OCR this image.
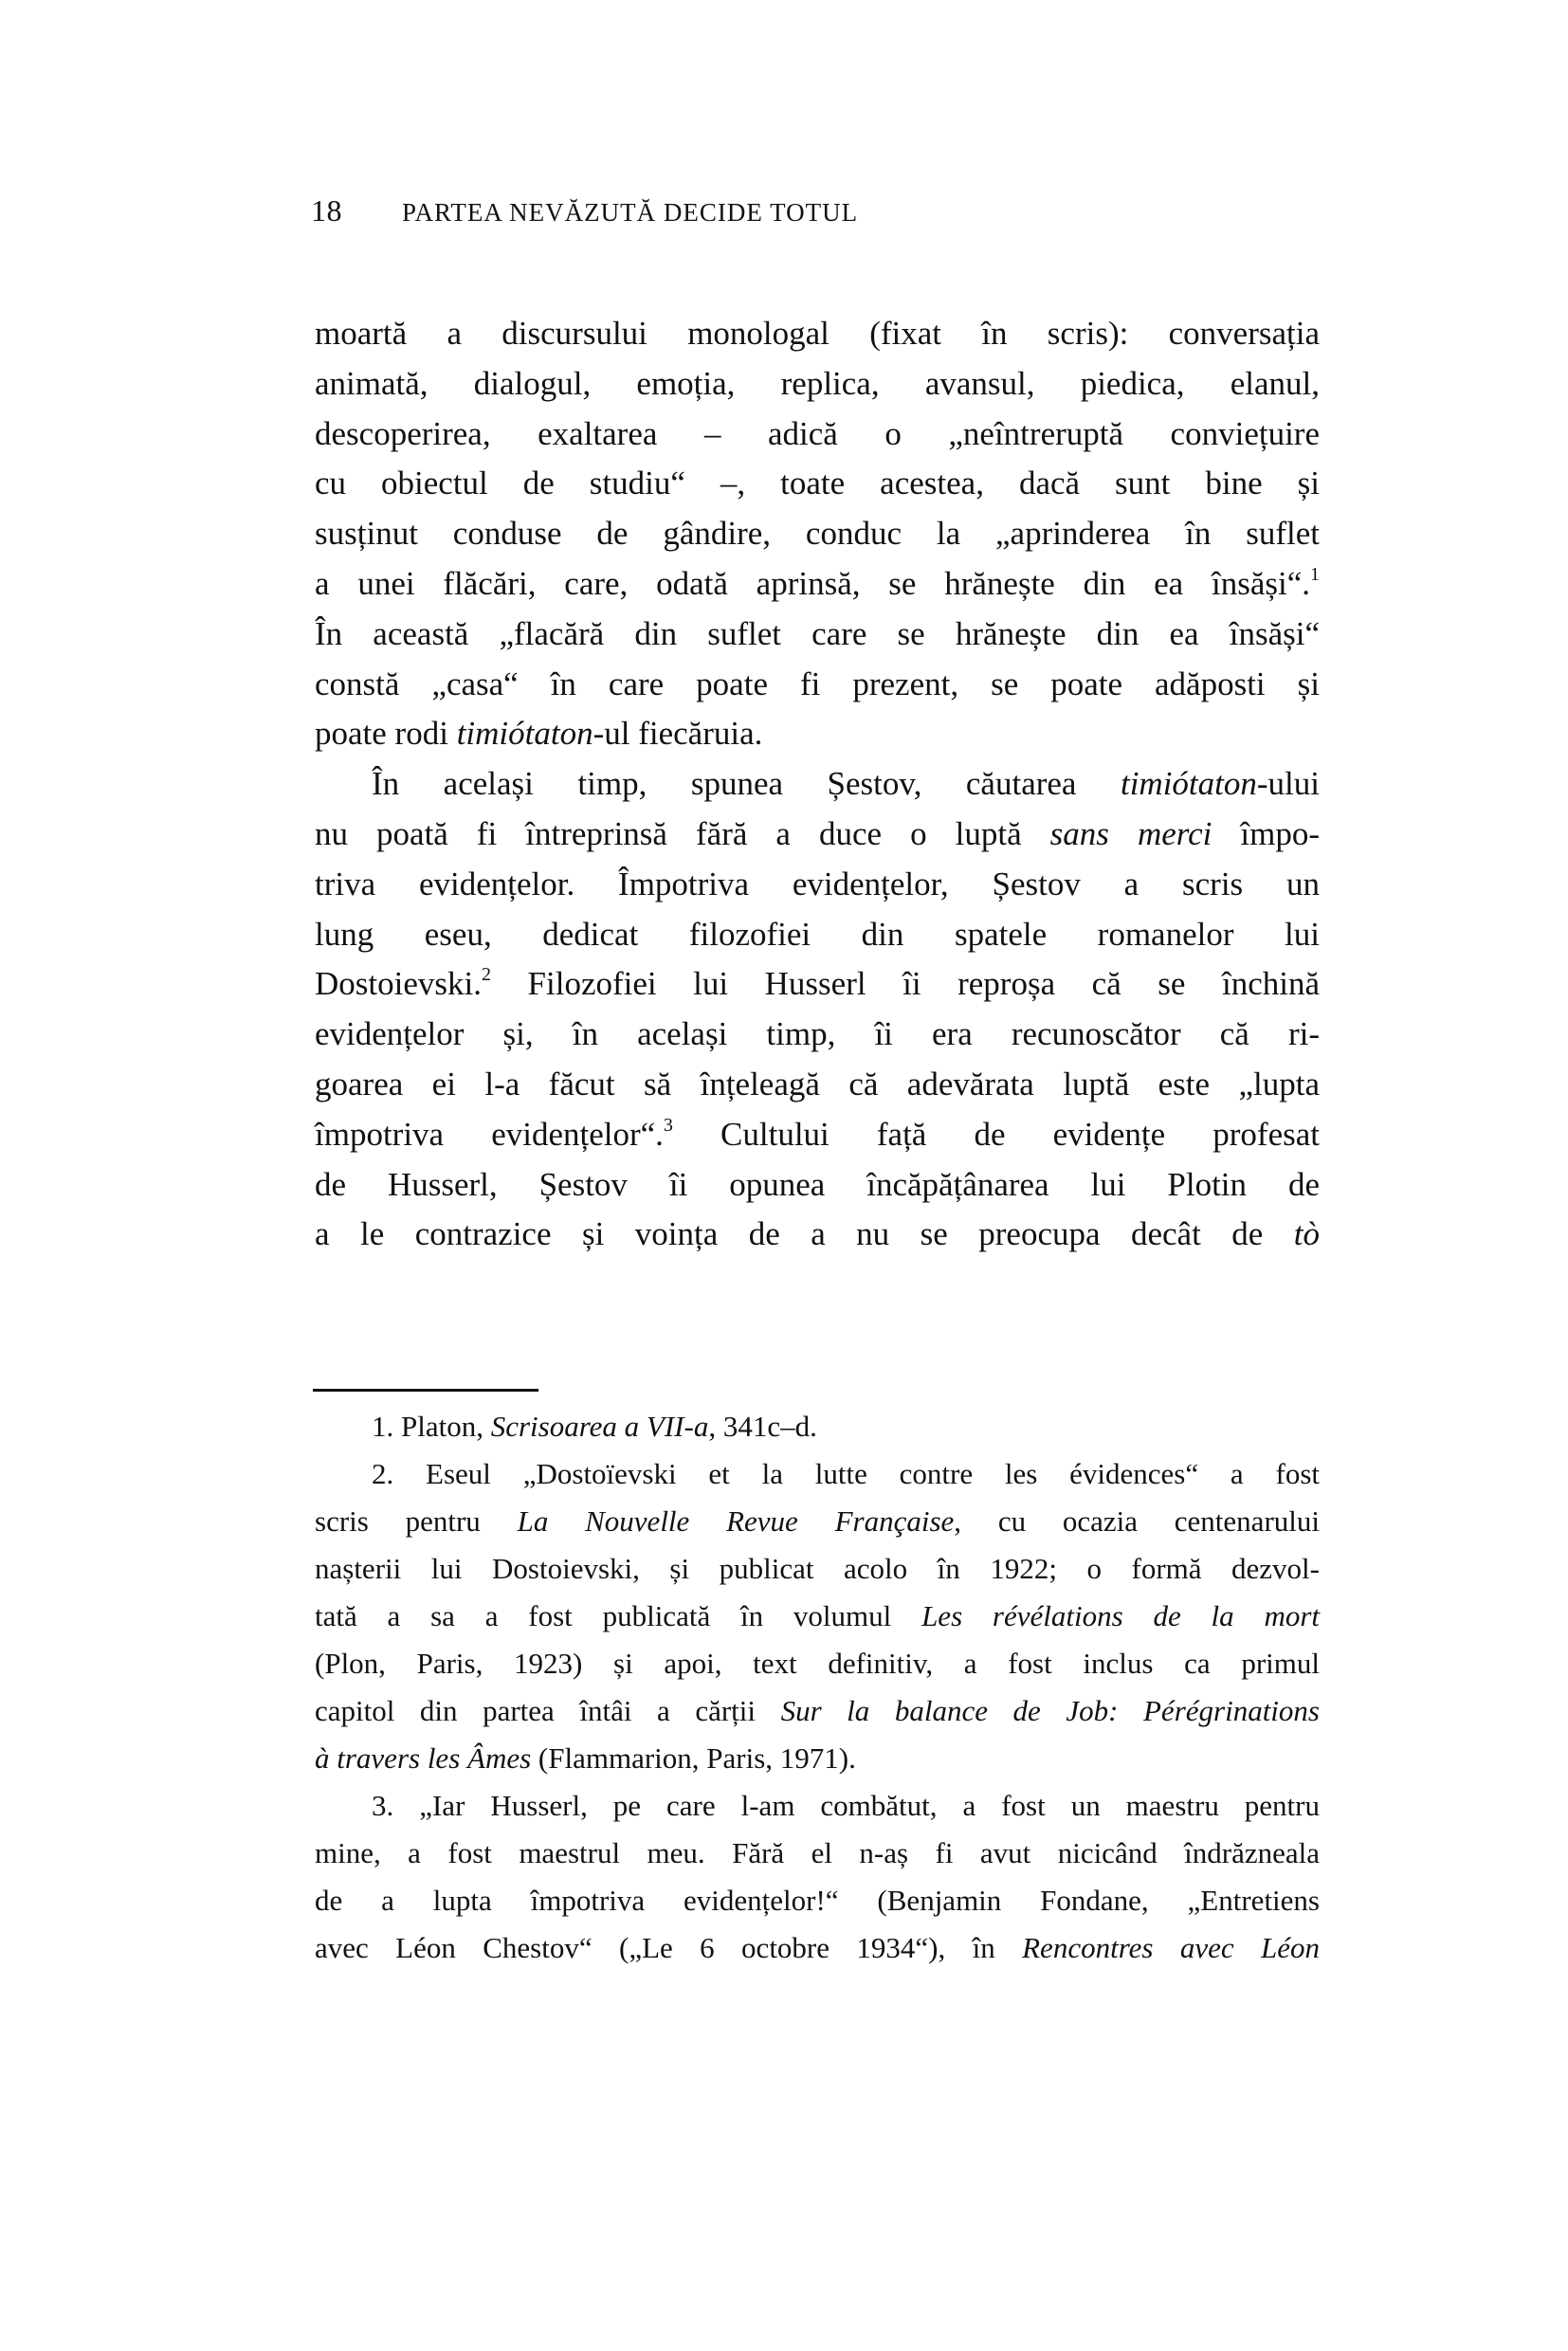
18 PARTEA NEVĂZUTĂ DECIDE TOTUL
moartă a discursului monologal (fixat în scris): conversația
animată, dialogul, emoția, replica, avansul, piedica, elanul,
descoperirea, exaltarea – adică o „neîntreruptă conviețuire
cu obiectul de studiu“ –, toate acestea, dacă sunt bine și
susținut conduse de gândire, conduc la „aprinderea în suflet
a unei flăcări, care, odată aprinsă, se hrănește din ea însăși“.$^1$
În această „flacără din suflet care se hrănește din ea însăși“
constă „casa“ în care poate fi prezent, se poate adăposti și
poate rodi timiótaton-ul fiecăruia.
În același timp, spunea Șestov, căutarea timiótaton-ului
nu poată fi întreprinsă fără a duce o luptă sans merci împo-
triva evidențelor. Împotriva evidențelor, Șestov a scris un
lung eseu, dedicat filozofiei din spatele romanelor lui
Dostoievski.$^2$ Filozofiei lui Husserl îi reproșa că se închină
evidențelor și, în același timp, îi era recunoscător că ri-
goarea ei l-a făcut să înțeleagă că adevărata luptă este „lupta
împotriva evidențelor“.$^3$ Cultului față de evidențe profesat
de Husserl, Șestov îi opunea încăpățânarea lui Plotin de
a le contrazice și voința de a nu se preocupa decât de tò
1. Platon, Scrisoarea a VII-a, 341c–d.
2. Eseul „Dostoïevski et la lutte contre les évidences“ a fost
scris pentru La Nouvelle Revue Française, cu ocazia centenarului
nașterii lui Dostoievski, și publicat acolo în 1922; o formă dezvol-
tată a sa a fost publicată în volumul Les révélations de la mort
(Plon, Paris, 1923) și apoi, text definitiv, a fost inclus ca primul
capitol din partea întâi a cărții Sur la balance de Job: Pérégrinations
à travers les Âmes (Flammarion, Paris, 1971).
3. „Iar Husserl, pe care l-am combătut, a fost un maestru pentru
mine, a fost maestrul meu. Fără el n-aș fi avut nicicând îndrăzneala
de a lupta împotriva evidențelor!“ (Benjamin Fondane, „Entretiens
avec Léon Chestov“ („Le 6 octobre 1934“), în Rencontres avec Léon
